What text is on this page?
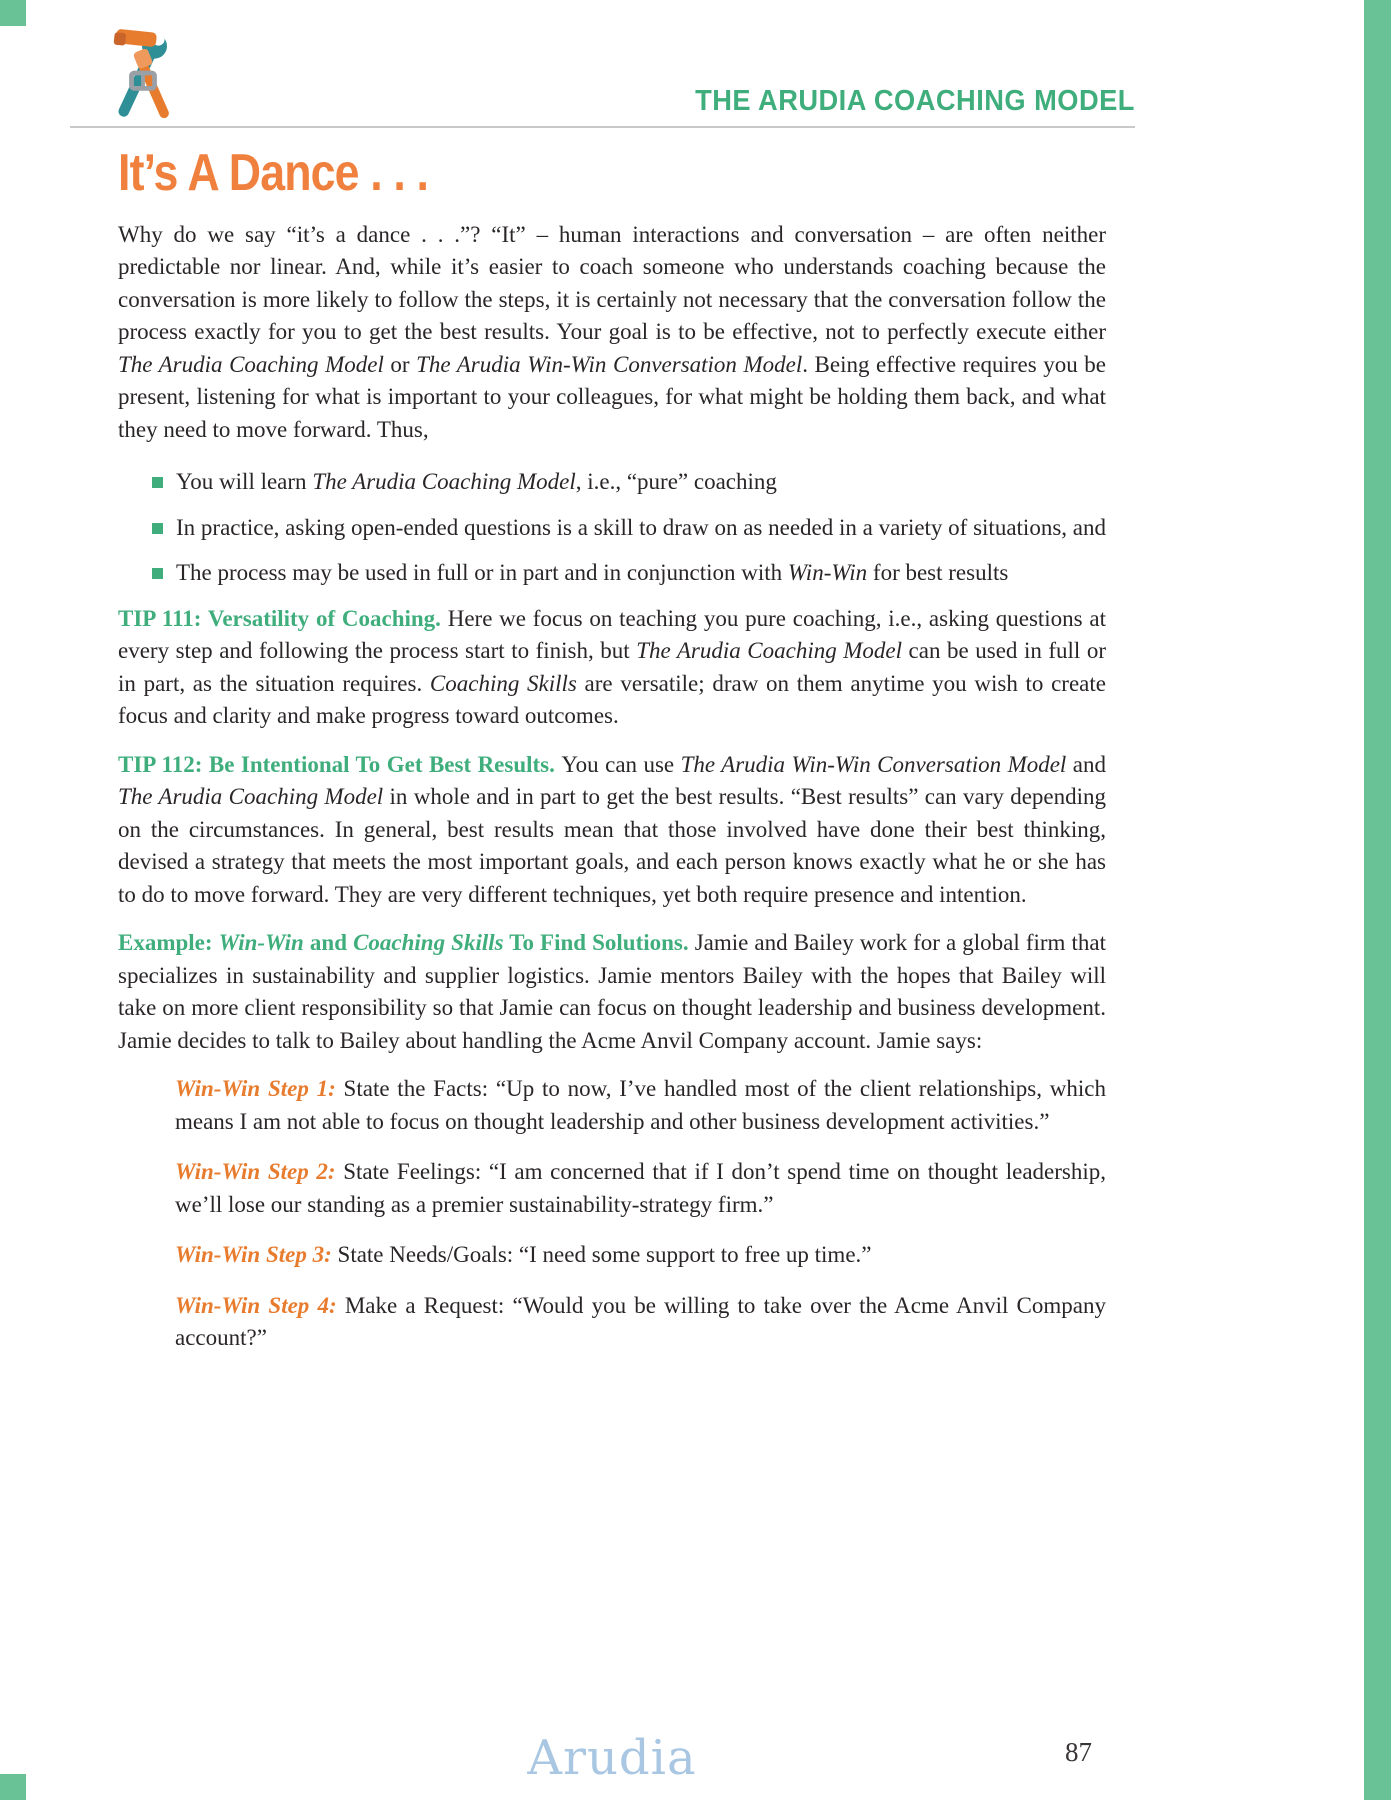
THE ARUDIA COACHING MODEL
It’s A Dance . . .

Why do we say “it’s a dance . . .”? “It” – human interactions and conversation – are often neither predictable nor linear. And, while it’s easier to coach someone who understands coaching because the conversation is more likely to follow the steps, it is certainly not necessary that the conversation follow the process exactly for you to get the best results. Your goal is to be effective, not to perfectly execute either The Arudia Coaching Model or The Arudia Win-Win Conversation Model. Being effective requires you be present, listening for what is important to your colleagues, for what might be holding them back, and what they need to move forward. Thus,

You will learn The Arudia Coaching Model, i.e., “pure” coaching
In practice, asking open-ended questions is a skill to draw on as needed in a variety of situations, and
The process may be used in full or in part and in conjunction with Win-Win for best results

TIP 111: Versatility of Coaching. Here we focus on teaching you pure coaching, i.e., asking questions at every step and following the process start to finish, but The Arudia Coaching Model can be used in full or in part, as the situation requires. Coaching Skills are versatile; draw on them anytime you wish to create focus and clarity and make progress toward outcomes.

TIP 112: Be Intentional To Get Best Results. You can use The Arudia Win-Win Conversation Model and The Arudia Coaching Model in whole and in part to get the best results. “Best results” can vary depending on the circumstances. In general, best results mean that those involved have done their best thinking, devised a strategy that meets the most important goals, and each person knows exactly what he or she has to do to move forward. They are very different techniques, yet both require presence and intention.

Example: Win-Win and Coaching Skills To Find Solutions. Jamie and Bailey work for a global firm that specializes in sustainability and supplier logistics. Jamie mentors Bailey with the hopes that Bailey will take on more client responsibility so that Jamie can focus on thought leadership and business development. Jamie decides to talk to Bailey about handling the Acme Anvil Company account. Jamie says:

Win-Win Step 1: State the Facts: “Up to now, I’ve handled most of the client relationships, which means I am not able to focus on thought leadership and other business development activities.”

Win-Win Step 2: State Feelings: “I am concerned that if I don’t spend time on thought leadership, we’ll lose our standing as a premier sustainability-strategy firm.”

Win-Win Step 3: State Needs/Goals: “I need some support to free up time.”

Win-Win Step 4: Make a Request: “Would you be willing to take over the Acme Anvil Company account?”

Arudia	87
